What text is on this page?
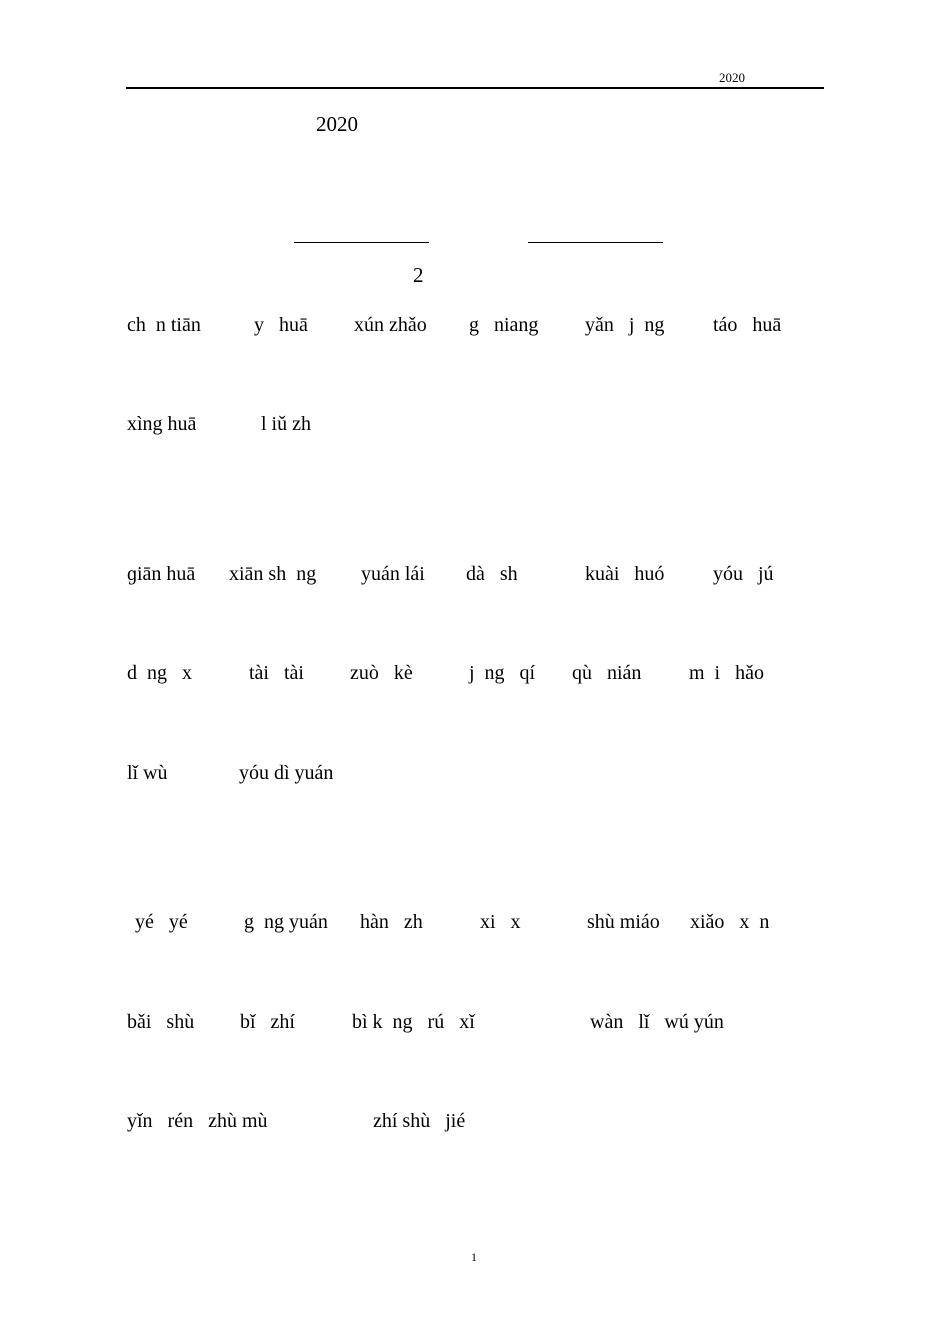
2020
2020
2
ch  n tiān	y   huā xún zhǎo g   niang yǎn   j  ng táo   huā
xìng huā	l iǔ zh
ɡiān huā xiān sh  ng yuán lái dà   sh	kuài   huó yóu   jú
d  ng   x	tài   tài zuò   kè	j  ng   qí qù   nián m  i   hǎo
lǐ wù	yóu dì yuán
yé   yé	g  ng yuán hàn   zh	xi   x	shù miáo xiǎo   x  n
bǎi   shù bǐ   zhí	bì k  ng   rú   xǐ	wàn   lǐ   wú yún
yǐn   rén   zhù mù	zhí shù   jié
1
